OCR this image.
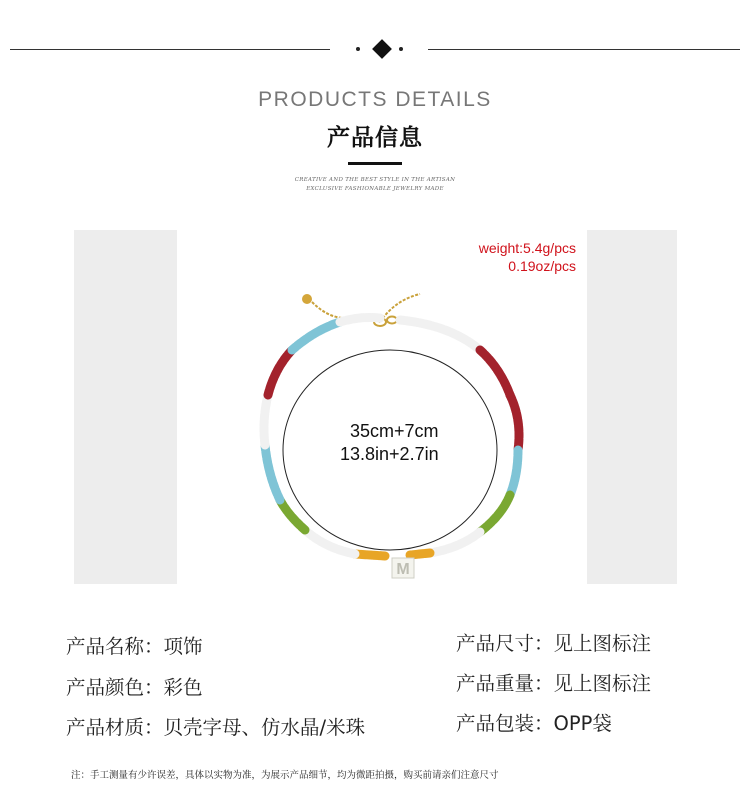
PRODUCTS DETAILS
产品信息
CREATIVE AND THE BEST STYLE IN THE ARTISAN
EXCLUSIVE FASHIONABLE JEWELRY MADE
weight:5.4g/pcs
0.19oz/pcs
M
35cm+7cm
13.8in+2.7in
产品名称：项饰
产品颜色：彩色
产品材质：贝壳字母、仿水晶/米珠
产品尺寸：见上图标注
产品重量：见上图标注
产品包装：OPP袋
注：手工测量有少许误差，具体以实物为准，为展示产品细节，均为微距拍摄，购买前请亲们注意尺寸
